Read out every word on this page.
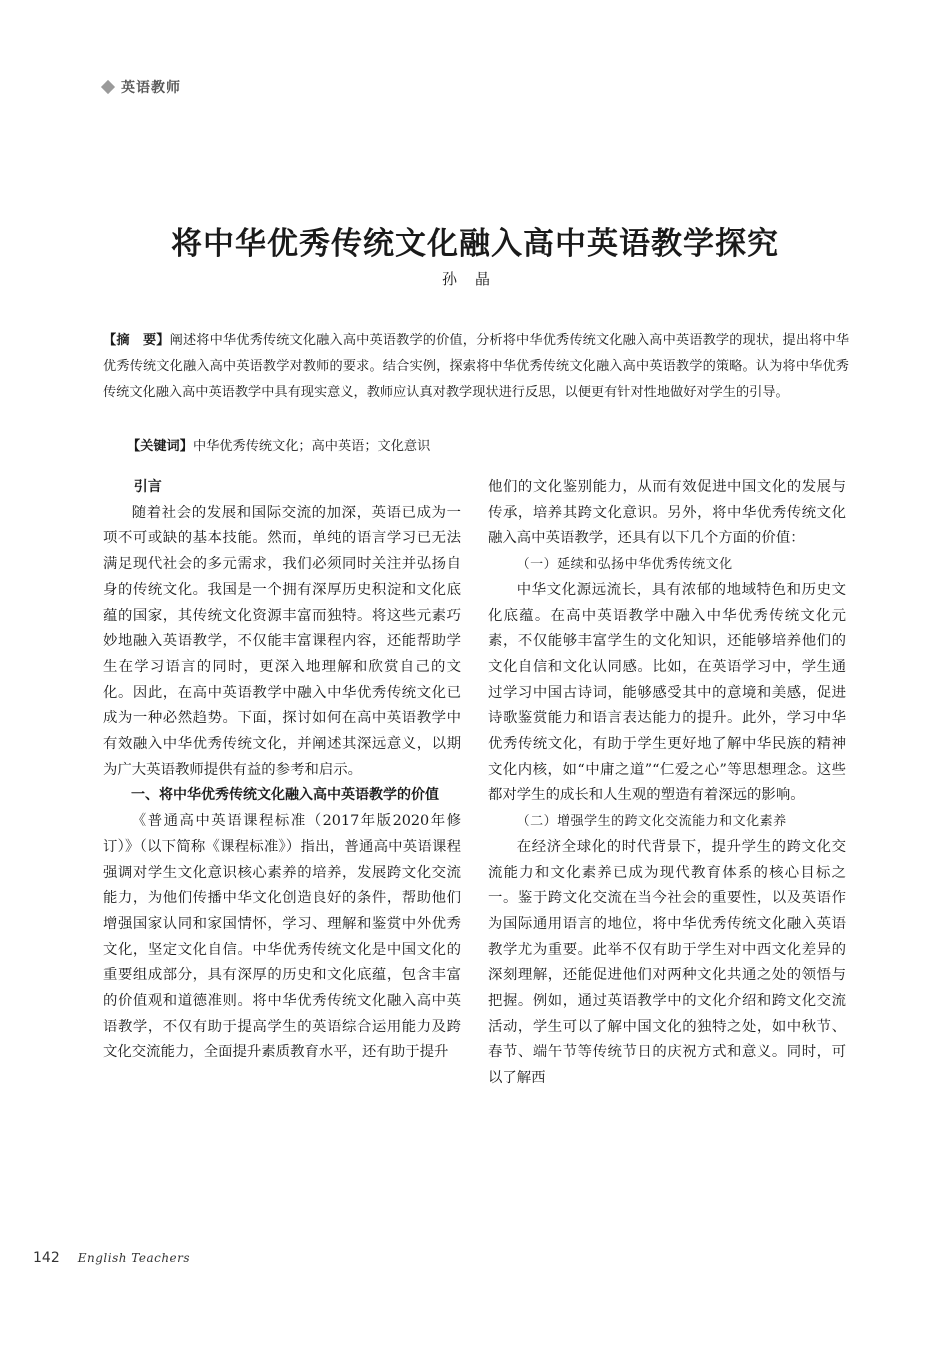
英语教师
将中华优秀传统文化融入高中英语教学探究
孙晶
【摘　要】阐述将中华优秀传统文化融入高中英语教学的价值，分析将中华优秀传统文化融入高中英语教学的现状，提出将中华优秀传统文化融入高中英语教学对教师的要求。结合实例，探索将中华优秀传统文化融入高中英语教学的策略。认为将中华优秀传统文化融入高中英语教学中具有现实意义，教师应认真对教学现状进行反思，以便更有针对性地做好对学生的引导。
【关键词】中华优秀传统文化；高中英语；文化意识
引言

随着社会的发展和国际交流的加深，英语已成为一项不可或缺的基本技能。然而，单纯的语言学习已无法满足现代社会的多元需求，我们必须同时关注并弘扬自身的传统文化。我国是一个拥有深厚历史积淀和文化底蕴的国家，其传统文化资源丰富而独特。将这些元素巧妙地融入英语教学，不仅能丰富课程内容，还能帮助学生在学习语言的同时，更深入地理解和欣赏自己的文化。因此，在高中英语教学中融入中华优秀传统文化已成为一种必然趋势。下面，探讨如何在高中英语教学中有效融入中华优秀传统文化，并阐述其深远意义，以期为广大英语教师提供有益的参考和启示。

一、将中华优秀传统文化融入高中英语教学的价值

《普通高中英语课程标准（2017年版2020年修订）》（以下简称《课程标准》）指出，普通高中英语课程强调对学生文化意识核心素养的培养，发展跨文化交流能力，为他们传播中华文化创造良好的条件，帮助他们增强国家认同和家国情怀，学习、理解和鉴赏中外优秀文化，坚定文化自信。中华优秀传统文化是中国文化的重要组成部分，具有深厚的历史和文化底蕴，包含丰富的价值观和道德准则。将中华优秀传统文化融入高中英语教学，不仅有助于提高学生的英语综合运用能力及跨文化交流能力，全面提升素质教育水平，还有助于提升

他们的文化鉴别能力，从而有效促进中国文化的发展与传承，培养其跨文化意识。另外，将中华优秀传统文化融入高中英语教学，还具有以下几个方面的价值：

（一）延续和弘扬中华优秀传统文化

中华文化源远流长，具有浓郁的地域特色和历史文化底蕴。在高中英语教学中融入中华优秀传统文化元素，不仅能够丰富学生的文化知识，还能够培养他们的文化自信和文化认同感。比如，在英语学习中，学生通过学习中国古诗词，能够感受其中的意境和美感，促进诗歌鉴赏能力和语言表达能力的提升。此外，学习中华优秀传统文化，有助于学生更好地了解中华民族的精神文化内核，如“中庸之道”“仁爱之心”等思想理念。这些都对学生的成长和人生观的塑造有着深远的影响。

（二）增强学生的跨文化交流能力和文化素养

在经济全球化的时代背景下，提升学生的跨文化交流能力和文化素养已成为现代教育体系的核心目标之一。鉴于跨文化交流在当今社会的重要性，以及英语作为国际通用语言的地位，将中华优秀传统文化融入英语教学尤为重要。此举不仅有助于学生对中西文化差异的深刻理解，还能促进他们对两种文化共通之处的领悟与把握。例如，通过英语教学中的文化介绍和跨文化交流活动，学生可以了解中国文化的独特之处，如中秋节、春节、端午节等传统节日的庆祝方式和意义。同时，可以了解西

142 English Teachers
